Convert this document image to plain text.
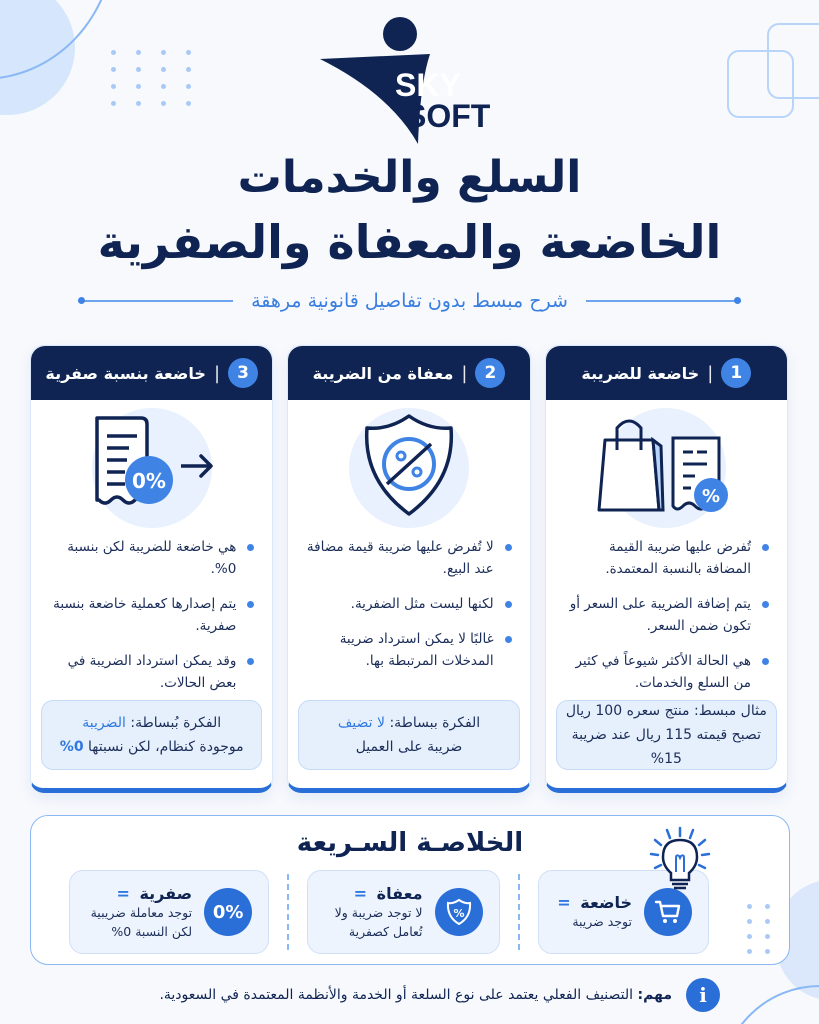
SKY
SOFT
السلع والخدمات
الخاضعة والمعفاة والصفرية
شرح مبسط بدون تفاصيل قانونية مرهقة
1
|
خاضعة للضريبة
%
تُفرض عليها ضريبة القيمة المضافة بالنسبة المعتمدة.
يتم إضافة الضريبة على السعر أو تكون ضمن السعر.
هي الحالة الأكثر شيوعاً في كثير من السلع والخدمات.
مثال مبسط: منتج سعره 100 ريال
تصبح قيمته 115 ريال عند ضريبة 15%
2
|
معفاة من الضريبة
لا تُفرض عليها ضريبة قيمة مضافة عند البيع.
لكنها ليست مثل الضفرية.
غالبًا لا يمكن استرداد ضريبة المدخلات المرتبطة بها.
الفكرة ببساطة: لا تضيف
ضريبة على العميل
3
|
خاضعة بنسبة صفرية
0%
هي خاضعة للضريبة لكن بنسبة 0%.
يتم إصدارها كعملية خاضعة بنسبة صفرية.
وقد يمكن استرداد الضريبة في بعض الحالات.
الفكرة بُبساطة: الضريبة
موجودة كنظام، لكن نسبتها 0%
الخلاصـة السـريعة
خاضعة =
توجد ضريبة
%
معفاة =
لا توجد ضريبة ولا
تُعامل كصفرية
0%
صفرية =
توجد معاملة ضريبية
لكن النسبة 0%
i
مهم: التصنيف الفعلي يعتمد على نوع السلعة أو الخدمة والأنظمة المعتمدة في السعودية.
